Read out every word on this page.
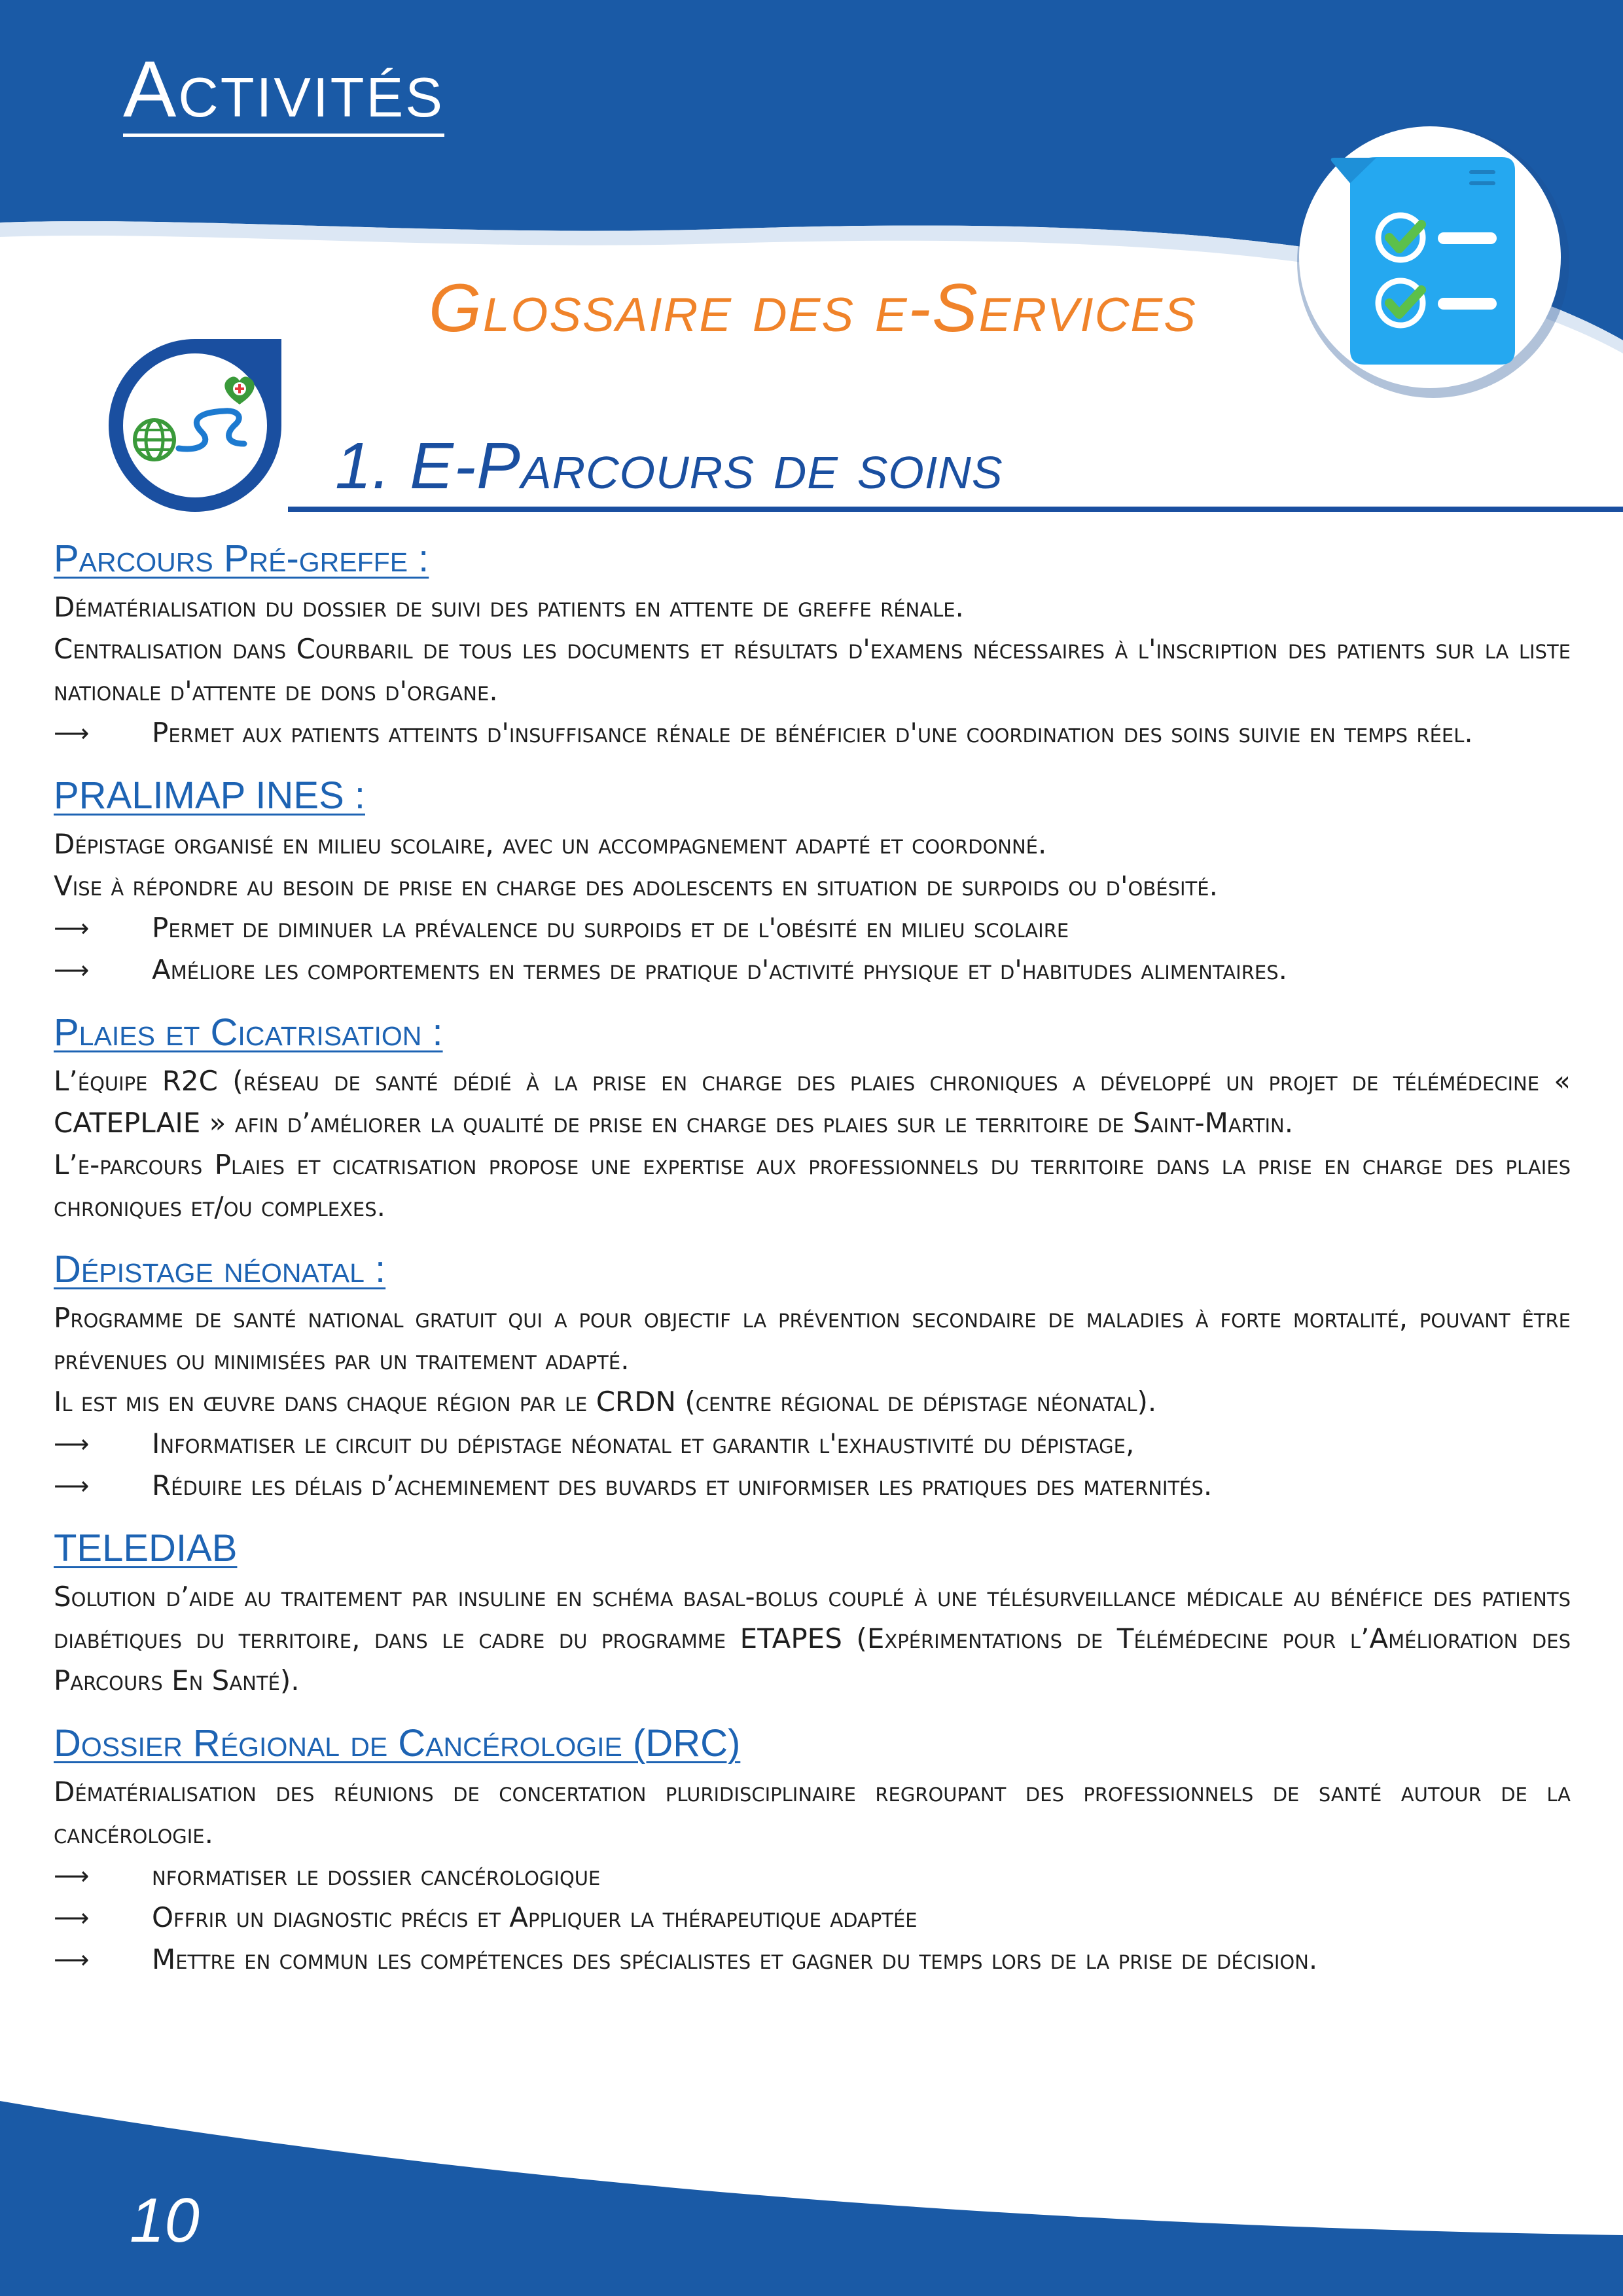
Activités
Glossaire des e-Services
1. E-Parcours de soins
Parcours Pré-greffe :

Dématérialisation du dossier de suivi des patients en attente de greffe rénale.

Centralisation dans Courbaril de tous les documents et résultats d'examens nécessaires à l'inscription des patients sur la liste nationale d'attente de dons d'organe.

⟶	Permet aux patients atteints d'insuffisance rénale de bénéficier d'une coordination des soins suivie en temps réel.

PRALIMAP INES :

Dépistage organisé en milieu scolaire, avec un accompagnement adapté et coordonné.

Vise à répondre au besoin de prise en charge des adolescents en situation de surpoids ou d'obésité.

⟶	Permet de diminuer la prévalence du surpoids et de l'obésité en milieu scolaire

⟶	Améliore les comportements en termes de pratique d'activité physique et d'habitudes alimentaires.

Plaies et Cicatrisation :

L’équipe R2C (réseau de santé dédié à la prise en charge des plaies chroniques a développé un projet de télémédecine « CATEPLAIE » afin d’améliorer la qualité de prise en charge des plaies sur le territoire de Saint-Martin.

L’e-parcours Plaies et cicatrisation propose une expertise aux professionnels du territoire dans la prise en charge des plaies chroniques et/ou complexes.

Dépistage néonatal :

Programme de santé national gratuit qui a pour objectif la prévention secondaire de maladies à forte mortalité, pouvant être prévenues ou minimisées par un traitement adapté.

Il est mis en œuvre dans chaque région par le CRDN (centre régional de dépistage néonatal).

⟶	Informatiser le circuit du dépistage néonatal et garantir l'exhaustivité du dépistage,

⟶	Réduire les délais d’acheminement des buvards et uniformiser les pratiques des maternités.

TELEDIAB

Solution d’aide au traitement par insuline en schéma basal-bolus couplé à une télésurveillance médicale au bénéfice des patients diabétiques du territoire, dans le cadre du programme ETAPES (Expérimentations de Télémédecine pour l’Amélioration des Parcours En Santé).

Dossier Régional de Cancérologie (DRC)

Dématérialisation des réunions de concertation pluridisciplinaire regroupant des professionnels de santé autour de la cancérologie.

⟶	nformatiser le dossier cancérologique

⟶	Offrir un diagnostic précis et Appliquer la thérapeutique adaptée

⟶	Mettre en commun les compétences des spécialistes et gagner du temps lors de la prise de décision.

10
